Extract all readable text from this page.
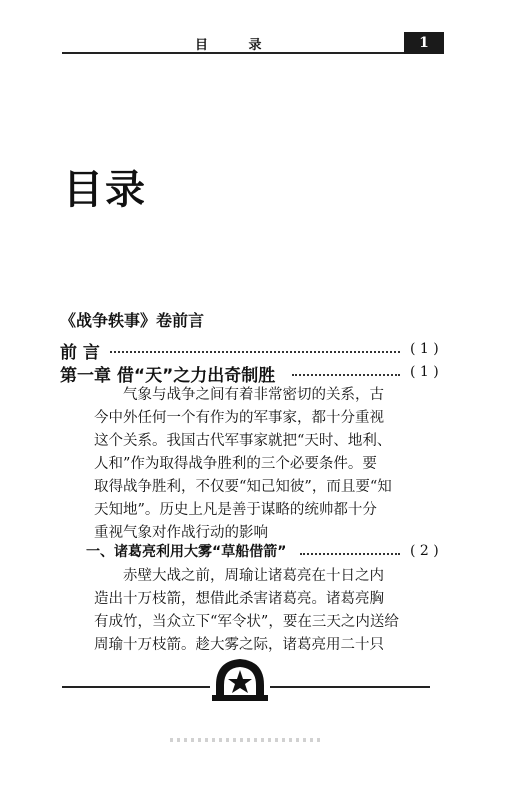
目 录	1
目录
《战争轶事》卷前言
前 言	( 1 )
第一章 借“天”之力出奇制胜	( 1 )
气象与战争之间有着非常密切的关系，古
今中外任何一个有作为的军事家，都十分重视
这个关系。我国古代军事家就把“天时、地利、
人和”作为取得战争胜利的三个必要条件。要
取得战争胜利，不仅要“知己知彼”，而且要“知
天知地”。历史上凡是善于谋略的统帅都十分
重视气象对作战行动的影响
一、诸葛亮利用大雾“草船借箭”	( 2 )
赤壁大战之前，周瑜让诸葛亮在十日之内
造出十万枝箭，想借此杀害诸葛亮。诸葛亮胸
有成竹，当众立下“军令状”，要在三天之内送给
周瑜十万枝箭。趁大雾之际，诸葛亮用二十只
